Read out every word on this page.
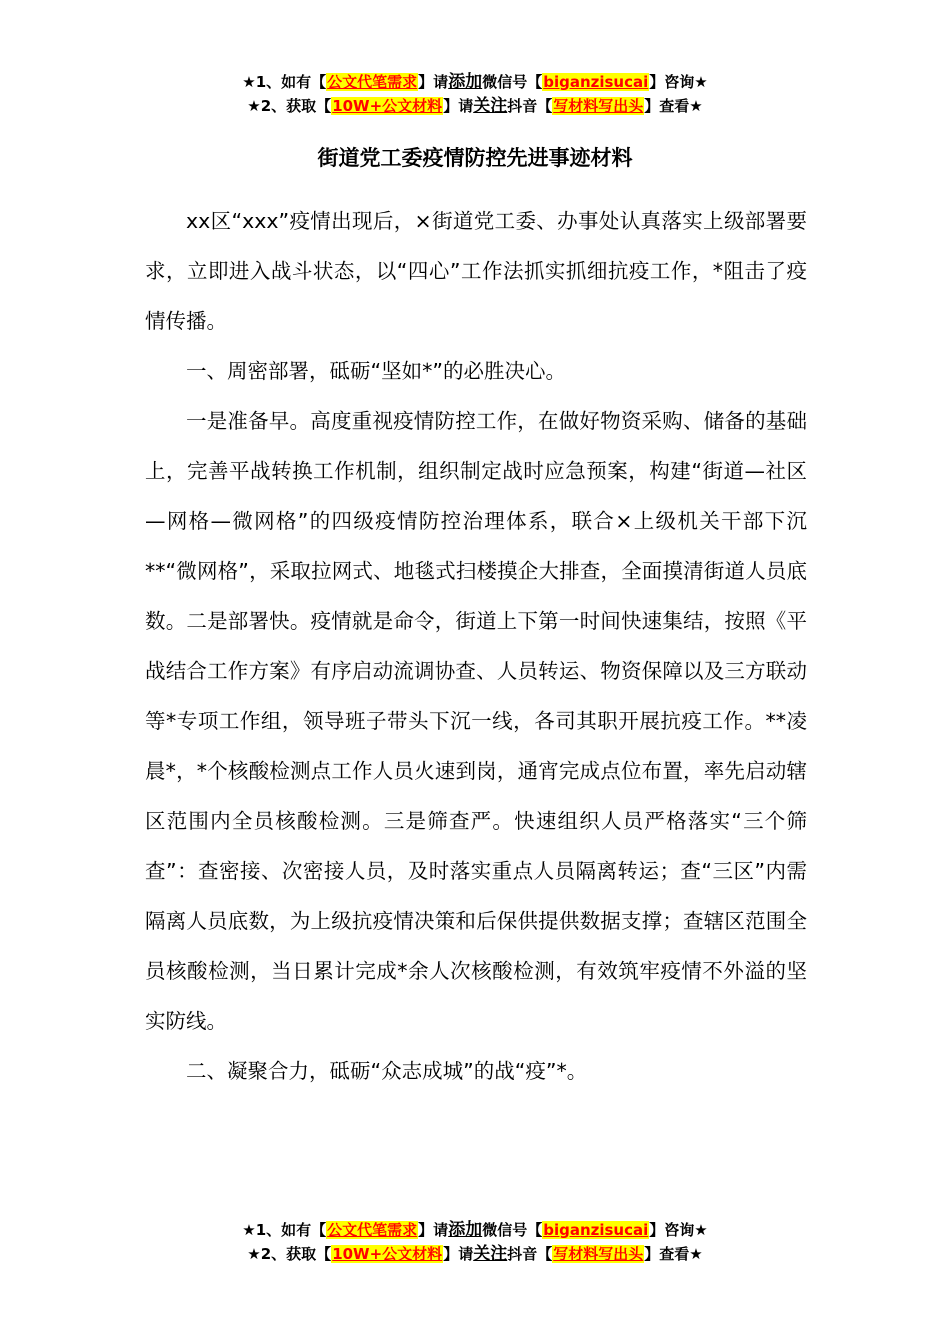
★1、如有【公文代笔需求】请添加微信号【biganzisucai】咨询★
★2、获取【10W+公文材料】请关注抖音【写材料写出头】查看★
街道党工委疫情防控先进事迹材料

xx区“xxx”疫情出现后，×街道党工委、办事处认真落实上级部署要求，立即进入战斗状态，以“四心”工作法抓实抓细抗疫工作，*阻击了疫情传播。

一、周密部署，砥砺“坚如*”的必胜决心。

一是准备早。高度重视疫情防控工作，在做好物资采购、储备的基础上，完善平战转换工作机制，组织制定战时应急预案，构建“街道—社区—网格—微网格”的四级疫情防控治理体系，联合×上级机关干部下沉**“微网格”，采取拉网式、地毯式扫楼摸企大排查，全面摸清街道人员底数。二是部署快。疫情就是命令，街道上下第一时间快速集结，按照《平战结合工作方案》有序启动流调协查、人员转运、物资保障以及三方联动等*专项工作组，领导班子带头下沉一线，各司其职开展抗疫工作。**凌晨*，*个核酸检测点工作人员火速到岗，通宵完成点位布置，率先启动辖区范围内全员核酸检测。三是筛查严。快速组织人员严格落实“三个筛查”：查密接、次密接人员，及时落实重点人员隔离转运；查“三区”内需隔离人员底数，为上级抗疫情决策和后保供提供数据支撑；查辖区范围全员核酸检测，当日累计完成*余人次核酸检测，有效筑牢疫情不外溢的坚实防线。

二、凝聚合力，砥砺“众志成城”的战“疫”*。

★1、如有【公文代笔需求】请添加微信号【biganzisucai】咨询★
★2、获取【10W+公文材料】请关注抖音【写材料写出头】查看★
